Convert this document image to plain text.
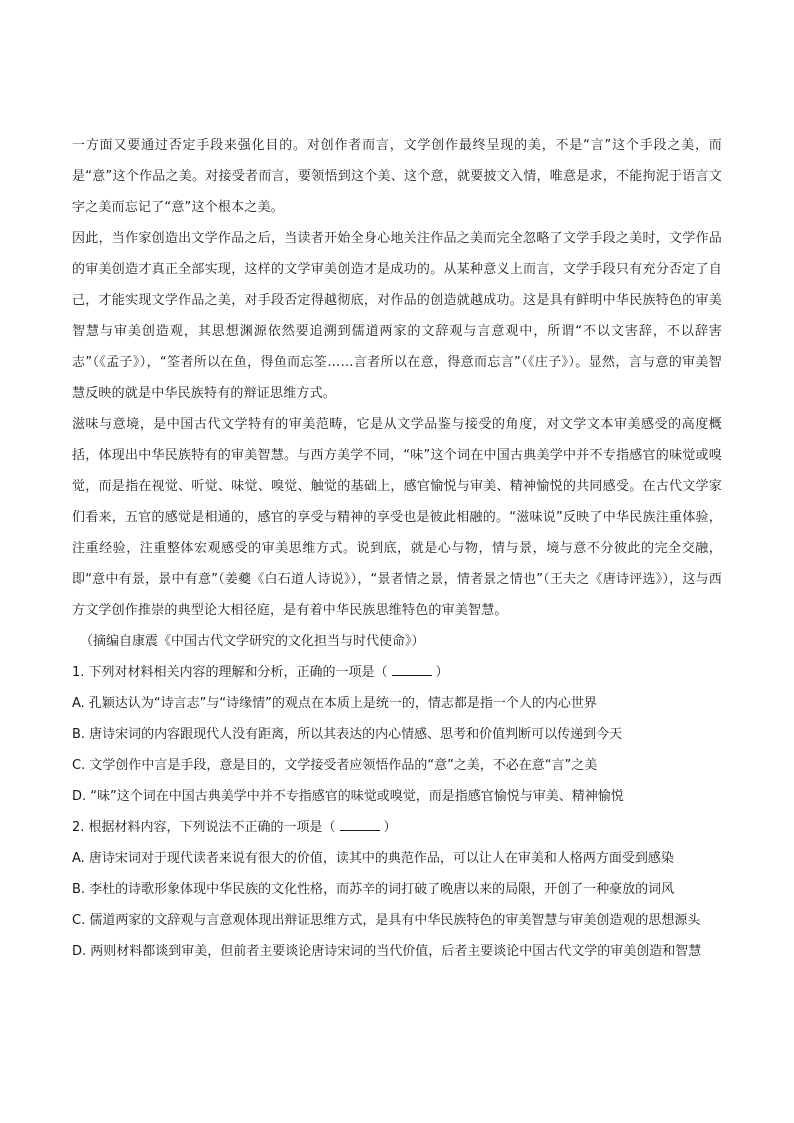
一方面又要通过否定手段来强化目的。对创作者而言，文学创作最终呈现的美，不是“言”这个手段之美，而是“意”这个作品之美。对接受者而言，要领悟到这个美、这个意，就要披文入情，唯意是求，不能拘泥于语言文字之美而忘记了“意”这个根本之美。

因此，当作家创造出文学作品之后，当读者开始全身心地关注作品之美而完全忽略了文学手段之美时，文学作品的审美创造才真正全部实现，这样的文学审美创造才是成功的。从某种意义上而言，文学手段只有充分否定了自己，才能实现文学作品之美，对手段否定得越彻底，对作品的创造就越成功。这是具有鲜明中华民族特色的审美智慧与审美创造观，其思想渊源依然要追溯到儒道两家的文辞观与言意观中，所谓“不以文害辞，不以辞害志”（《孟子》），“筌者所以在鱼，得鱼而忘筌……言者所以在意，得意而忘言”（《庄子》）。显然，言与意的审美智慧反映的就是中华民族特有的辩证思维方式。

滋味与意境，是中国古代文学特有的审美范畴，它是从文学品鉴与接受的角度，对文学文本审美感受的高度概括，体现出中华民族特有的审美智慧。与西方美学不同，“味”这个词在中国古典美学中并不专指感官的味觉或嗅觉，而是指在视觉、听觉、味觉、嗅觉、触觉的基础上，感官愉悦与审美、精神愉悦的共同感受。在古代文学家们看来，五官的感觉是相通的，感官的享受与精神的享受也是彼此相融的。“滋味说”反映了中华民族注重体验，注重经验，注重整体宏观感受的审美思维方式。说到底，就是心与物，情与景，境与意不分彼此的完全交融，即“意中有景，景中有意”（姜夔《白石道人诗说》），“景者情之景，情者景之情也”（王夫之《唐诗评选》），这与西方文学创作推崇的典型论大相径庭，是有着中华民族思维特色的审美智慧。

（摘编自康震《中国古代文学研究的文化担当与时代使命》）

1. 下列对材料相关内容的理解和分析，正确的一项是（	）

A. 孔颖达认为“诗言志”与“诗缘情”的观点在本质上是统一的，情志都是指一个人的内心世界

B. 唐诗宋词的内容跟现代人没有距离，所以其表达的内心情感、思考和价值判断可以传递到今天

C. 文学创作中言是手段，意是目的，文学接受者应领悟作品的“意”之美，不必在意“言”之美

D. “味”这个词在中国古典美学中并不专指感官的味觉或嗅觉，而是指感官愉悦与审美、精神愉悦

2. 根据材料内容，下列说法不正确的一项是（	）

A. 唐诗宋词对于现代读者来说有很大的价值，读其中的典范作品，可以让人在审美和人格两方面受到感染

B. 李杜的诗歌形象体现中华民族的文化性格，而苏辛的词打破了晚唐以来的局限，开创了一种豪放的词风

C. 儒道两家的文辞观与言意观体现出辩证思维方式，是具有中华民族特色的审美智慧与审美创造观的思想源头

D. 两则材料都谈到审美，但前者主要谈论唐诗宋词的当代价值，后者主要谈论中国古代文学的审美创造和智慧
